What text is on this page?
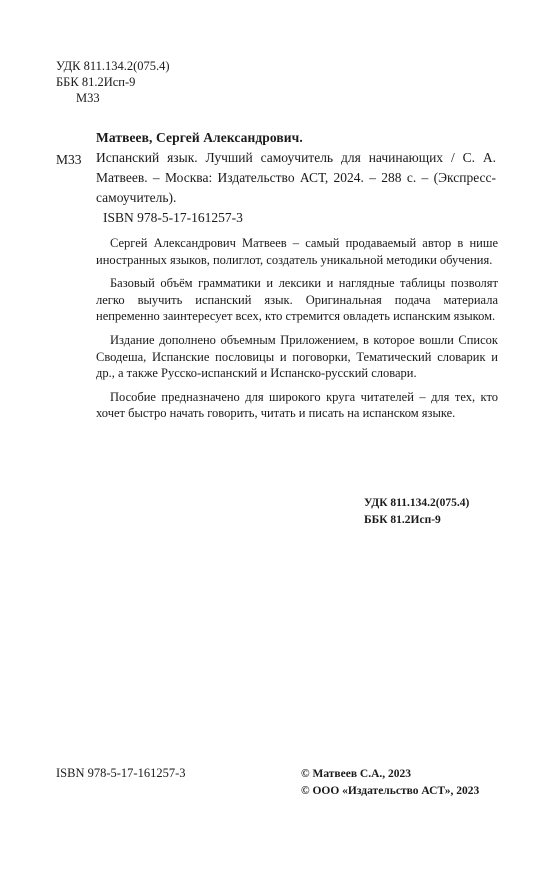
УДК 811.134.2(075.4)
ББК 81.2Исп-9
М33
Матвеев, Сергей Александрович.
М33 Испанский язык. Лучший самоучитель для начинающих / С. А. Матвеев. – Москва: Издательство АСТ, 2024. – 288 с. – (Экспресс-самоучитель).

ISBN 978-5-17-161257-3

Сергей Александрович Матвеев – самый продаваемый автор в нише иностранных языков, полиглот, создатель уникальной методики обучения.

Базовый объём грамматики и лексики и наглядные таблицы позволят легко выучить испанский язык. Оригинальная подача материала непременно заинтересует всех, кто стремится овладеть испанским языком.

Издание дополнено объемным Приложением, в которое вошли Список Сводеша, Испанские пословицы и поговорки, Тематический словарик и др., а также Русско-испанский и Испанско-русский словари.

Пособие предназначено для широкого круга читателей – для тех, кто хочет быстро начать говорить, читать и писать на испанском языке.

УДК 811.134.2(075.4)
ББК 81.2Исп-9
ISBN 978-5-17-161257-3	© Матвеев С.А., 2023
© ООО «Издательство АСТ», 2023
